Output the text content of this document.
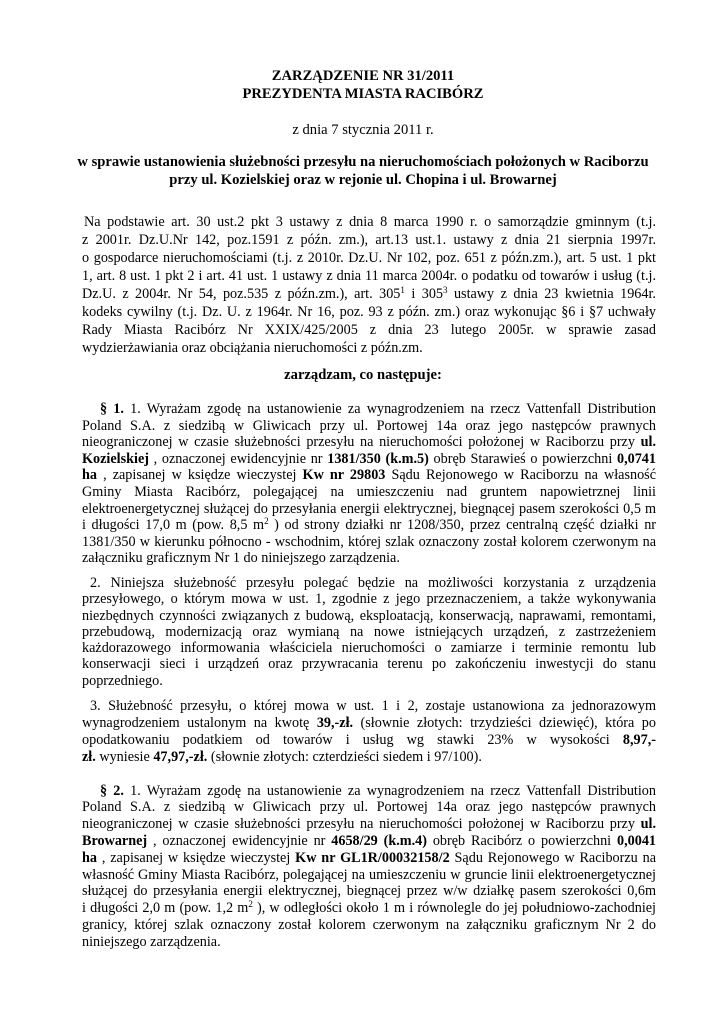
ZARZĄDZENIE NR 31/2011
PREZYDENTA MIASTA RACIBÓRZ
z dnia 7 stycznia 2011 r.
w sprawie ustanowienia służebności przesyłu na nieruchomościach położonych w Raciborzu
przy ul. Kozielskiej oraz w rejonie ul. Chopina i ul. Browarnej
Na podstawie art. 30 ust.2 pkt 3 ustawy z dnia 8 marca 1990 r. o samorządzie gminnym (t.j.
z 2001r. Dz.U.Nr 142, poz.1591 z późn. zm.), art.13 ust.1. ustawy z dnia 21 sierpnia 1997r.
o gospodarce nieruchomościami (t.j. z 2010r. Dz.U. Nr 102, poz. 651 z późn.zm.), art. 5 ust. 1 pkt
1, art. 8 ust. 1 pkt 2 i art. 41 ust. 1 ustawy z dnia 11 marca 2004r. o podatku od towarów i usług (t.j.
Dz.U. z 2004r. Nr 54, poz.535 z późn.zm.), art. $305^1$ i $305^3$ ustawy z dnia 23 kwietnia 1964r.
kodeks cywilny (t.j. Dz. U. z 1964r. Nr 16, poz. 93 z późn. zm.) oraz wykonując §6 i §7 uchwały
Rady Miasta Racibórz Nr XXIX/425/2005 z dnia 23 lutego 2005r. w sprawie zasad
wydzierżawiania oraz obciążania nieruchomości z późn.zm.
zarządzam, co następuje:
§ 1. 1. Wyrażam zgodę na ustanowienie za wynagrodzeniem na rzecz Vattenfall Distribution
Poland S.A. z siedzibą w Gliwicach przy ul. Portowej 14a oraz jego następców prawnych
nieograniczonej w czasie służebności przesyłu na nieruchomości położonej w Raciborzu przy ul.
Kozielskiej , oznaczonej ewidencyjnie nr 1381/350 (k.m.5) obręb Starawieś o powierzchni 0,0741
ha , zapisanej w księdze wieczystej Kw nr 29803 Sądu Rejonowego w Raciborzu na własność
Gminy Miasta Racibórz, polegającej na umieszczeniu nad gruntem napowietrznej linii
elektroenergetycznej służącej do przesyłania energii elektrycznej, biegnącej pasem szerokości 0,5 m
i długości 17,0 m (pow. 8,5 $m^2$ ) od strony działki nr 1208/350, przez centralną część działki nr
1381/350 w kierunku północno - wschodnim, której szlak oznaczony został kolorem czerwonym na
załączniku graficznym Nr 1 do niniejszego zarządzenia.
2. Niniejsza służebność przesyłu polegać będzie na możliwości korzystania z urządzenia
przesyłowego, o którym mowa w ust. 1, zgodnie z jego przeznaczeniem, a także wykonywania
niezbędnych czynności związanych z budową, eksploatacją, konserwacją, naprawami, remontami,
przebudową, modernizacją oraz wymianą na nowe istniejących urządzeń, z zastrzeżeniem
każdorazowego informowania właściciela nieruchomości o zamiarze i terminie remontu lub
konserwacji sieci i urządzeń oraz przywracania terenu po zakończeniu inwestycji do stanu
poprzedniego.
3. Służebność przesyłu, o której mowa w ust. 1 i 2, zostaje ustanowiona za jednorazowym
wynagrodzeniem ustalonym na kwotę 39,-zł. (słownie złotych: trzydzieści dziewięć), która po
opodatkowaniu podatkiem od towarów i usług wg stawki 23% w wysokości 8,97,-
zł. wyniesie 47,97,-zł. (słownie złotych: czterdzieści siedem i 97/100).
§ 2. 1. Wyrażam zgodę na ustanowienie za wynagrodzeniem na rzecz Vattenfall Distribution
Poland S.A. z siedzibą w Gliwicach przy ul. Portowej 14a oraz jego następców prawnych
nieograniczonej w czasie służebności przesyłu na nieruchomości położonej w Raciborzu przy ul.
Browarnej , oznaczonej ewidencyjnie nr 4658/29 (k.m.4) obręb Racibórz o powierzchni 0,0041
ha , zapisanej w księdze wieczystej Kw nr GL1R/00032158/2 Sądu Rejonowego w Raciborzu na
własność Gminy Miasta Racibórz, polegającej na umieszczeniu w gruncie linii elektroenergetycznej
służącej do przesyłania energii elektrycznej, biegnącej przez w/w działkę pasem szerokości 0,6m
i długości 2,0 m (pow. 1,2 $m^2$ ), w odległości około 1 m i równolegle do jej południowo-zachodniej
granicy, której szlak oznaczony został kolorem czerwonym na załączniku graficznym Nr 2 do
niniejszego zarządzenia.
